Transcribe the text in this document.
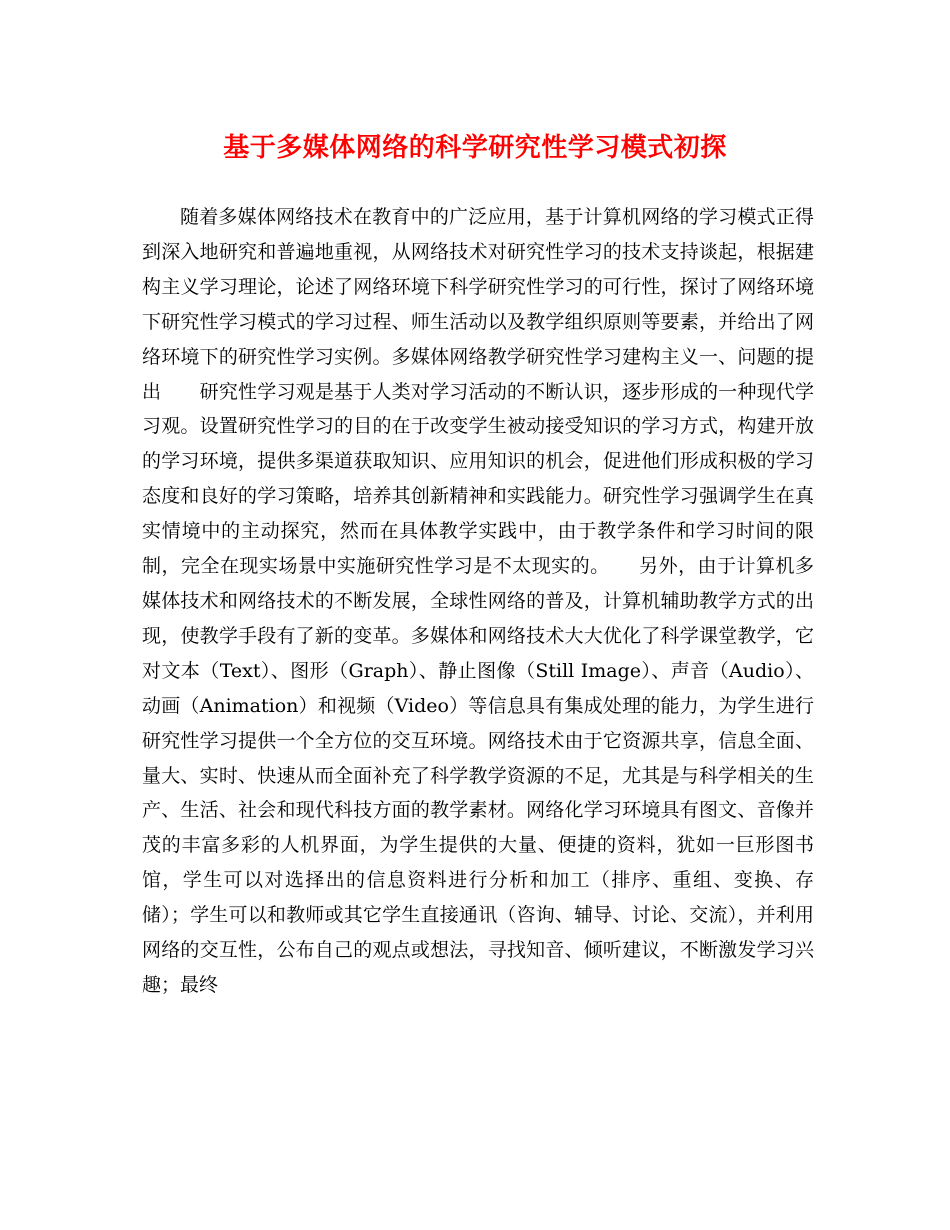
基于多媒体网络的科学研究性学习模式初探

随着多媒体网络技术在教育中的广泛应用，基于计算机网络的学习模式正得到深入地研究和普遍地重视，从网络技术对研究性学习的技术支持谈起，根据建构主义学习理论，论述了网络环境下科学研究性学习的可行性，探讨了网络环境下研究性学习模式的学习过程、师生活动以及教学组织原则等要素，并给出了网络环境下的研究性学习实例。多媒体网络教学研究性学习建构主义一、问题的提出　　研究性学习观是基于人类对学习活动的不断认识，逐步形成的一种现代学习观。设置研究性学习的目的在于改变学生被动接受知识的学习方式，构建开放的学习环境，提供多渠道获取知识、应用知识的机会，促进他们形成积极的学习态度和良好的学习策略，培养其创新精神和实践能力。研究性学习强调学生在真实情境中的主动探究，然而在具体教学实践中，由于教学条件和学习时间的限制，完全在现实场景中实施研究性学习是不太现实的。　　另外，由于计算机多媒体技术和网络技术的不断发展，全球性网络的普及，计算机辅助教学方式的出现，使教学手段有了新的变革。多媒体和网络技术大大优化了科学课堂教学，它对文本（Text）、图形（Graph）、静止图像（Still Image）、声音（Audio）、动画（Animation）和视频（Video）等信息具有集成处理的能力，为学生进行研究性学习提供一个全方位的交互环境。网络技术由于它资源共享，信息全面、量大、实时、快速从而全面补充了科学教学资源的不足，尤其是与科学相关的生产、生活、社会和现代科技方面的教学素材。网络化学习环境具有图文、音像并茂的丰富多彩的人机界面，为学生提供的大量、便捷的资料，犹如一巨形图书馆，学生可以对选择出的信息资料进行分析和加工（排序、重组、变换、存储）；学生可以和教师或其它学生直接通讯（咨询、辅导、讨论、交流），并利用网络的交互性，公布自己的观点或想法，寻找知音、倾听建议，不断激发学习兴趣；最终
